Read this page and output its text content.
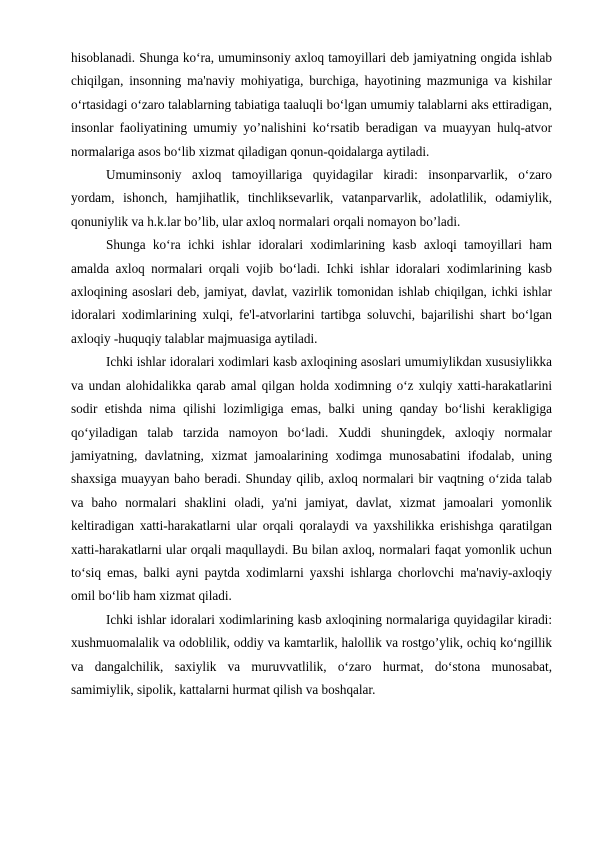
hisoblanadi. Shunga ko‘ra, umuminsoniy axloq tamoyillari deb jamiyatning ongida ishlab chiqilgan, insonning ma'naviy mohiyatiga, burchiga, hayotining mazmuniga va kishilar o‘rtasidagi o‘zaro talablarning tabiatiga taaluqli bo‘lgan umumiy talablarni aks ettiradigan, insonlar faoliyatining umumiy yo’nalishini ko‘rsatib beradigan va muayyan hulq-atvor normalariga asos bo‘lib xizmat qiladigan qonun-qoidalarga aytiladi.

Umuminsoniy axloq tamoyillariga quyidagilar kiradi: insonparvarlik, o‘zaro yordam, ishonch, hamjihatlik, tinchliksevarlik, vatanparvarlik, adolatlilik, odamiylik, qonuniylik va h.k.lar bo’lib, ular axloq normalari orqali nomayon bo’ladi.

Shunga ko‘ra ichki ishlar idoralari xodimlarining kasb axloqi tamoyillari ham amalda axloq normalari orqali vojib bo‘ladi. Ichki ishlar idoralari xodimlarining kasb axloqining asoslari deb, jamiyat, davlat, vazirlik tomonidan ishlab chiqilgan, ichki ishlar idoralari xodimlarining xulqi, fe'l-atvorlarini tartibga soluvchi, bajarilishi shart bo‘lgan axloqiy -huquqiy talablar majmuasiga aytiladi.

Ichki ishlar idoralari xodimlari kasb axloqining asoslari umumiylikdan xususiylikka va undan alohidalikka qarab amal qilgan holda xodimning o‘z xulqiy xatti-harakatlarini sodir etishda nima qilishi lozimligiga emas, balki uning qanday bo‘lishi kerakligiga qo‘yiladigan talab tarzida namoyon bo‘ladi. Xuddi shuningdek, axloqiy normalar jamiyatning, davlatning, xizmat jamoalarining xodimga munosabatini ifodalab, uning shaxsiga muayyan baho beradi. Shunday qilib, axloq normalari bir vaqtning o‘zida talab va baho normalari shaklini oladi, ya'ni jamiyat, davlat, xizmat jamoalari yomonlik keltiradigan xatti-harakatlarni ular orqali qoralaydi va yaxshilikka erishishga qaratilgan xatti-harakatlarni ular orqali maqullaydi. Bu bilan axloq, normalari faqat yomonlik uchun to‘siq emas, balki ayni paytda xodimlarni yaxshi ishlarga chorlovchi ma'naviy-axloqiy omil bo‘lib ham xizmat qiladi.

Ichki ishlar idoralari xodimlarining kasb axloqining normalariga quyidagilar kiradi: xushmuomalalik va odoblilik, oddiy va kamtarlik, halollik va rostgo’ylik, ochiq ko‘ngillik va dangalchilik, saxiylik va muruvvatlilik, o‘zaro hurmat, do‘stona munosabat, samimiylik, sipolik, kattalarni hurmat qilish va boshqalar.
